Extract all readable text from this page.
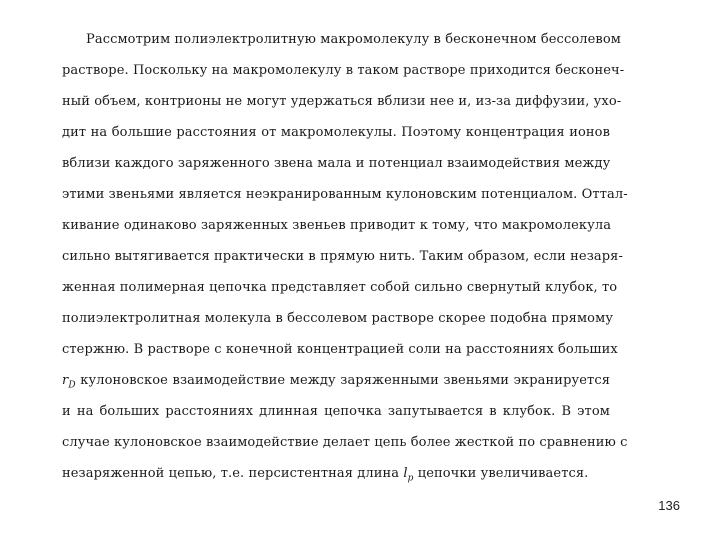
Рассмотрим полиэлектролитную макромолекулу в бесконечном бессолевом
растворе. Поскольку на макромолекулу в таком растворе приходится бесконеч-
ный объем, контрионы не могут удержаться вблизи нее и, из-за диффузии, ухо-
дит на большие расстояния от макромолекулы. Поэтому концентрация ионов
вблизи каждого заряженного звена мала и потенциал взаимодействия между
этими звеньями является неэкранированным кулоновским потенциалом. Оттал-
кивание одинаково заряженных звеньев приводит к тому, что макромолекула
сильно вытягивается практически в прямую нить. Таким образом, если незаря-
женная полимерная цепочка представляет собой сильно свернутый клубок, то
полиэлектролитная молекула в бессолевом растворе скорее подобна прямому
стержню. В растворе с конечной концентрацией соли на расстояниях больших
$r_D$ кулоновское взаимодействие между заряженными звеньями экранируется
и на больших расстояниях длинная цепочка запутывается в клубок. В этом
случае кулоновское взаимодействие делает цепь более жесткой по сравнению с
незаряженной цепью, т.е. персистентная длина $l_p$ цепочки увеличивается.
136
